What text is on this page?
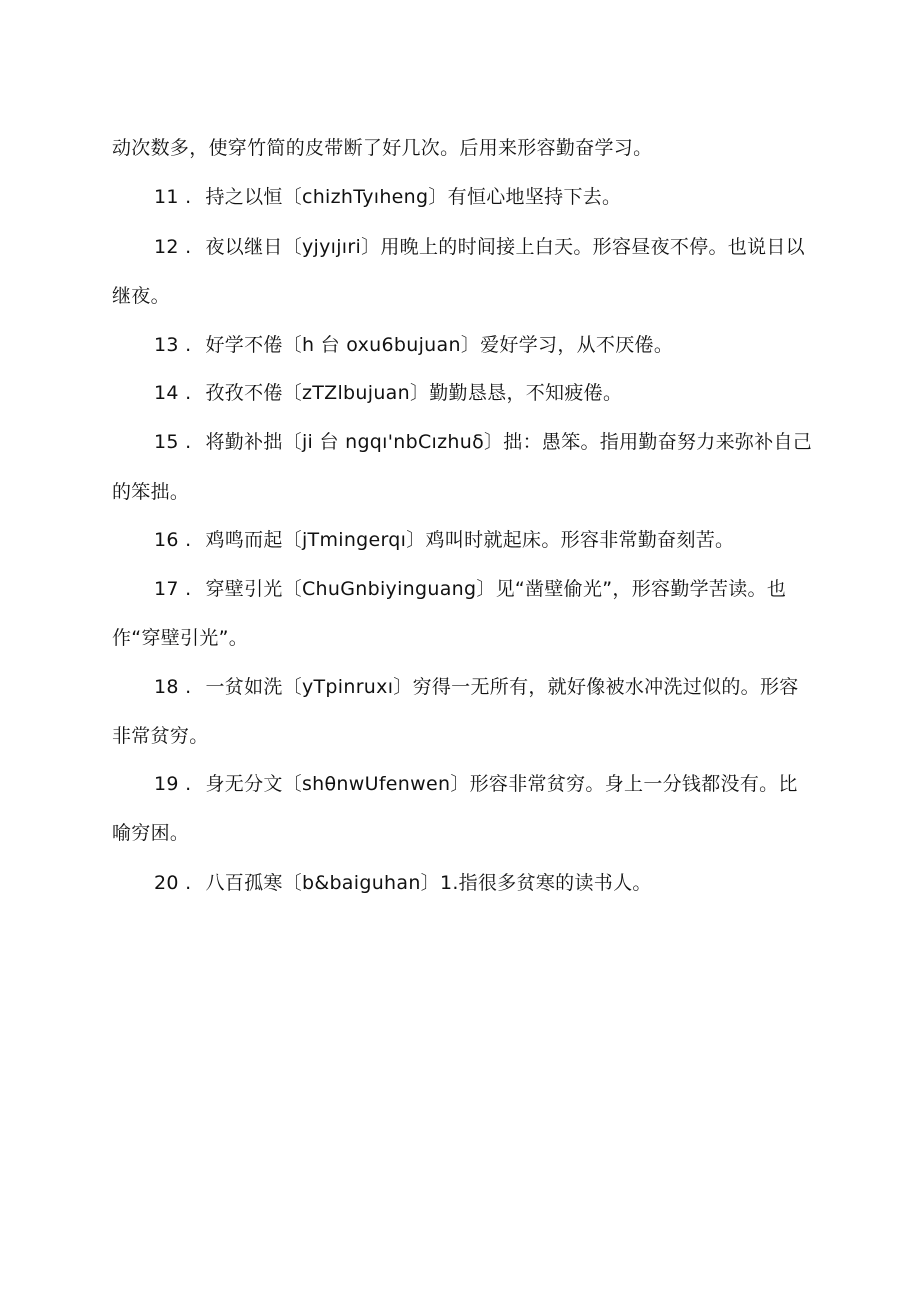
动次数多，使穿竹简的皮带断了好几次。后用来形容勤奋学习。
11 . 持之以恒〔chizhTyıheng〕有恒心地坚持下去。
12 . 夜以继日〔yjyıjıri〕用晚上的时间接上白天。形容昼夜不停。也说日以
继夜。
13 . 好学不倦〔h 台 oxu6bujuan〕爱好学习，从不厌倦。
14 . 孜孜不倦〔zTZlbujuan〕勤勤恳恳，不知疲倦。
15 . 将勤补拙〔ji 台 ngqı'nbCızhuδ〕拙：愚笨。指用勤奋努力来弥补自己
的笨拙。
16 . 鸡鸣而起〔jTmingerqı〕鸡叫时就起床。形容非常勤奋刻苦。
17 . 穿壁引光〔ChuGnbiyinguang〕见“凿壁偷光”，形容勤学苦读。也
作“穿壁引光”。
18 . 一贫如洗〔yTpinruxı〕穷得一无所有，就好像被水冲洗过似的。形容
非常贫穷。
19 . 身无分文〔shθnwUfenwen〕形容非常贫穷。身上一分钱都没有。比
喻穷困。
20 . 八百孤寒〔b&baiguhan〕1.指很多贫寒的读书人。
